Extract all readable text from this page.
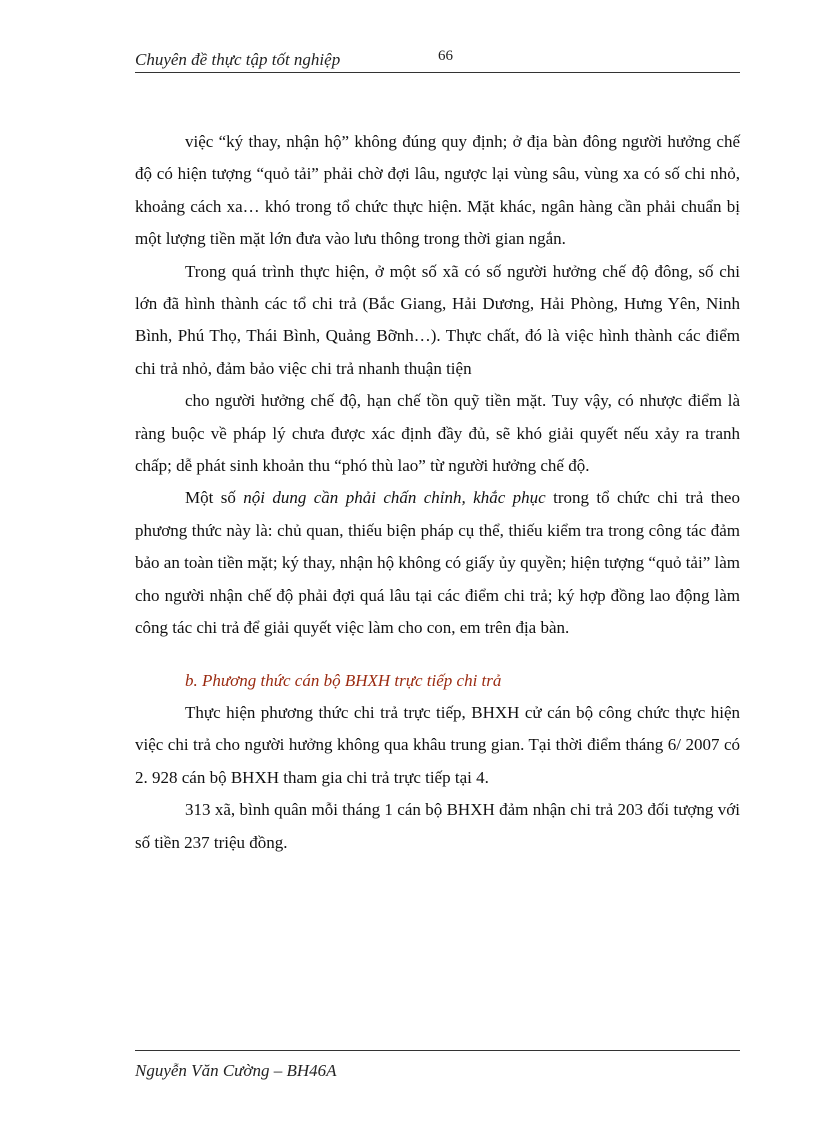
Chuyên đề thực tập tốt nghiệp	66

việc “ký thay, nhận hộ” không đúng quy định; ở địa bàn đông người hưởng chế độ có hiện tượng “quỏ tải” phải chờ đợi lâu, ngược lại vùng sâu, vùng xa có số chi nhỏ, khoảng cách xa… khó trong tổ chức thực hiện. Mặt khác, ngân hàng cần phải chuẩn bị một lượng tiền mặt lớn đưa vào lưu thông trong thời gian ngắn.

Trong quá trình thực hiện, ở một số xã có số người hưởng chế độ đông, số chi lớn đã hình thành các tổ chi trả (Bắc Giang, Hải Dương, Hải Phòng, Hưng Yên, Ninh Bình, Phú Thọ, Thái Bình, Quảng Bỡnh…). Thực chất, đó là việc hình thành các điểm chi trả nhỏ, đảm bảo việc chi trả nhanh thuận tiện

cho người hưởng chế độ, hạn chế tồn quỹ tiền mặt. Tuy vậy, có nhược điểm là ràng buộc về pháp lý chưa được xác định đầy đủ, sẽ khó giải quyết nếu xảy ra tranh chấp; dễ phát sinh khoản thu “phó thù lao” từ người hưởng chế độ.

Một số nội dung cần phải chấn chỉnh, khắc phục trong tổ chức chi trả theo phương thức này là: chủ quan, thiếu biện pháp cụ thể, thiếu kiểm tra trong công tác đảm bảo an toàn tiền mặt; ký thay, nhận hộ không có giấy ủy quyền; hiện tượng “quỏ tải” làm cho người nhận chế độ phải đợi quá lâu tại các điểm chi trả; ký hợp đồng lao động làm công tác chi trả để giải quyết việc làm cho con, em trên địa bàn.

b. Phương thức cán bộ BHXH trực tiếp chi trả

Thực hiện phương thức chi trả trực tiếp, BHXH cử cán bộ công chức thực hiện việc chi trả cho người hưởng không qua khâu trung gian. Tại thời điểm tháng 6/ 2007 có 2. 928 cán bộ BHXH tham gia chi trả trực tiếp tại 4.

313 xã, bình quân mỗi tháng 1 cán bộ BHXH đảm nhận chi trả 203 đối tượng với số tiền 237 triệu đồng.

Nguyễn Văn Cường – BH46A
